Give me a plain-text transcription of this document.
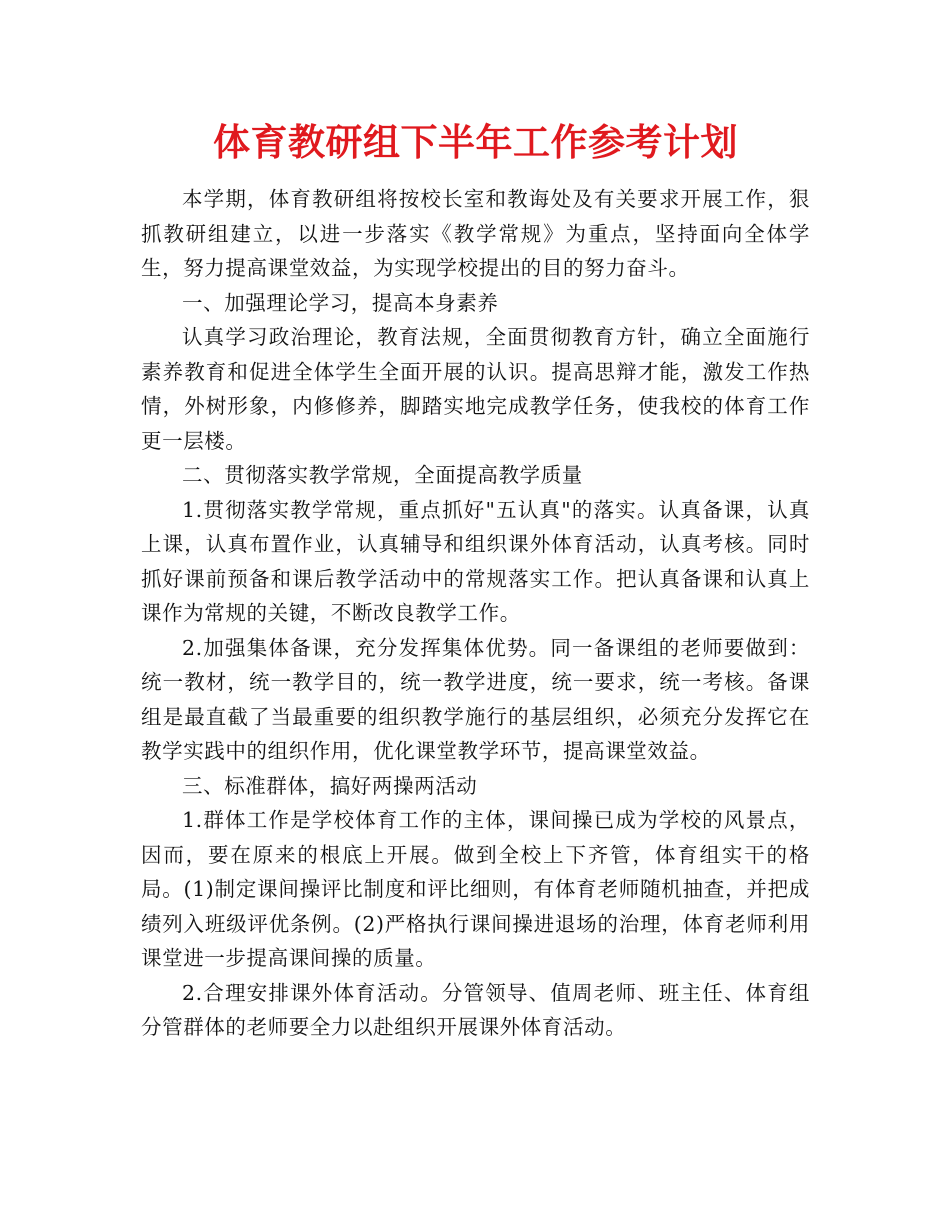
体育教研组下半年工作参考计划

本学期，体育教研组将按校长室和教诲处及有关要求开展工作，狠抓教研组建立，以进一步落实《教学常规》为重点，坚持面向全体学生，努力提高课堂效益，为实现学校提出的目的努力奋斗。

一、加强理论学习，提高本身素养

认真学习政治理论，教育法规，全面贯彻教育方针，确立全面施行素养教育和促进全体学生全面开展的认识。提高思辩才能，激发工作热情，外树形象，内修修养，脚踏实地完成教学任务，使我校的体育工作更一层楼。

二、贯彻落实教学常规，全面提高教学质量

1.贯彻落实教学常规，重点抓好"五认真"的落实。认真备课，认真上课，认真布置作业，认真辅导和组织课外体育活动，认真考核。同时抓好课前预备和课后教学活动中的常规落实工作。把认真备课和认真上课作为常规的关键，不断改良教学工作。

2.加强集体备课，充分发挥集体优势。同一备课组的老师要做到：统一教材，统一教学目的，统一教学进度，统一要求，统一考核。备课组是最直截了当最重要的组织教学施行的基层组织，必须充分发挥它在教学实践中的组织作用，优化课堂教学环节，提高课堂效益。

三、标准群体，搞好两操两活动

1.群体工作是学校体育工作的主体，课间操已成为学校的风景点，因而，要在原来的根底上开展。做到全校上下齐管，体育组实干的格局。(1)制定课间操评比制度和评比细则，有体育老师随机抽查，并把成绩列入班级评优条例。(2)严格执行课间操进退场的治理，体育老师利用课堂进一步提高课间操的质量。

2.合理安排课外体育活动。分管领导、值周老师、班主任、体育组分管群体的老师要全力以赴组织开展课外体育活动。
